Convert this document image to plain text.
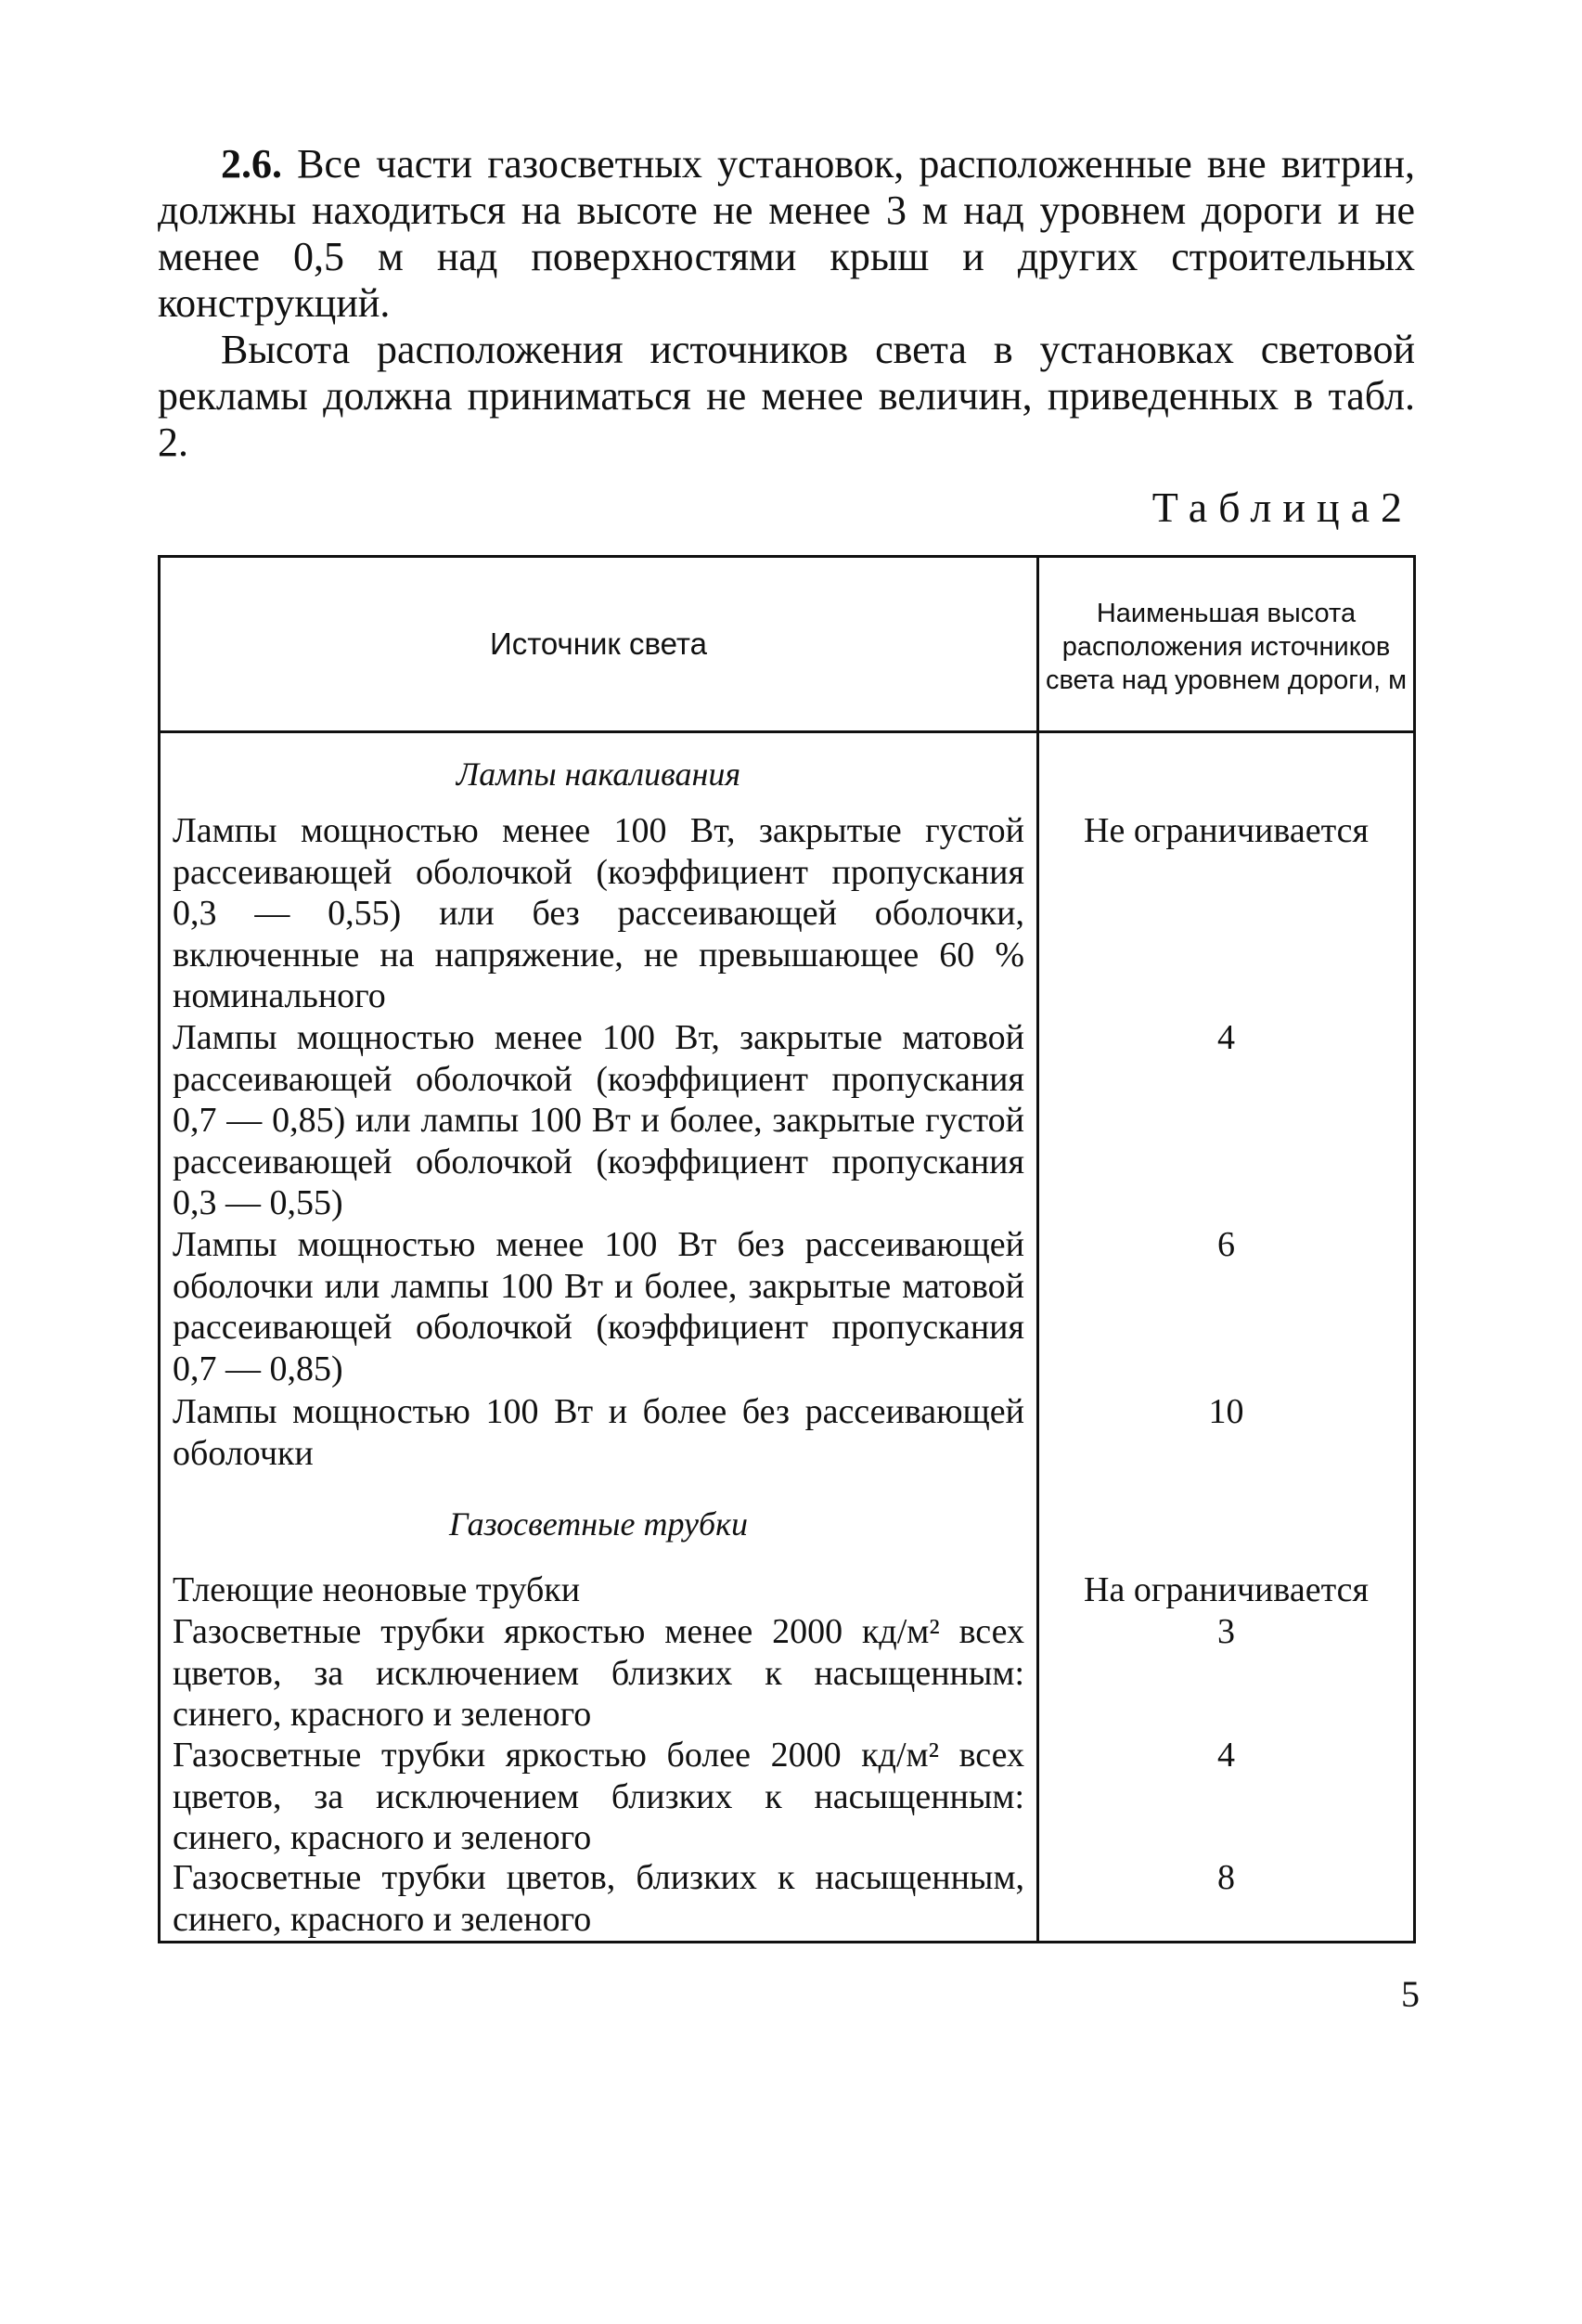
2.6. Все части газосветных установок, расположенные вне витрин, должны находиться на высоте не менее 3 м над уровнем дороги и не менее 0,5 м над поверхностями крыш и других строительных конструкций.

Высота расположения источников света в установках световой рекламы должна приниматься не менее величин, приведенных в табл. 2.

Таблица2
Источник света
Наименьшая высота расположения источников света над уровнем дороги, м
Лампы накаливания

Лампы мощностью менее 100 Вт, закрытые густой рассеивающей оболочкой (коэффициент пропускания 0,3 — 0,55) или без рассеивающей оболочки, включенные на напряжение, не превышающее 60 % номинального

Не ограничивается

Лампы мощностью менее 100 Вт, закрытые матовой рассеивающей оболочкой (коэффициент пропускания 0,7 — 0,85) или лампы 100 Вт и более, закрытые густой рассеивающей оболочкой (коэффициент пропускания 0,3 — 0,55)

4

Лампы мощностью менее 100 Вт без рассеивающей оболочки или лампы 100 Вт и более, закрытые матовой рассеивающей оболочкой (коэффициент пропускания 0,7 — 0,85)

6

Лампы мощностью 100 Вт и более без рассеивающей оболочки

10
Газосветные трубки

Тлеющие неоновые трубки	На ограничивается

Газосветные трубки яркостью менее 2000 кд/м² всех цветов, за исключением близких к насыщенным: синего, красного и зеленого

3

Газосветные трубки яркостью более 2000 кд/м² всех цветов, за исключением близких к насыщенным: синего, красного и зеленого

4

Газосветные трубки цветов, близких к насыщенным, синего, красного и зеленого

8
5
